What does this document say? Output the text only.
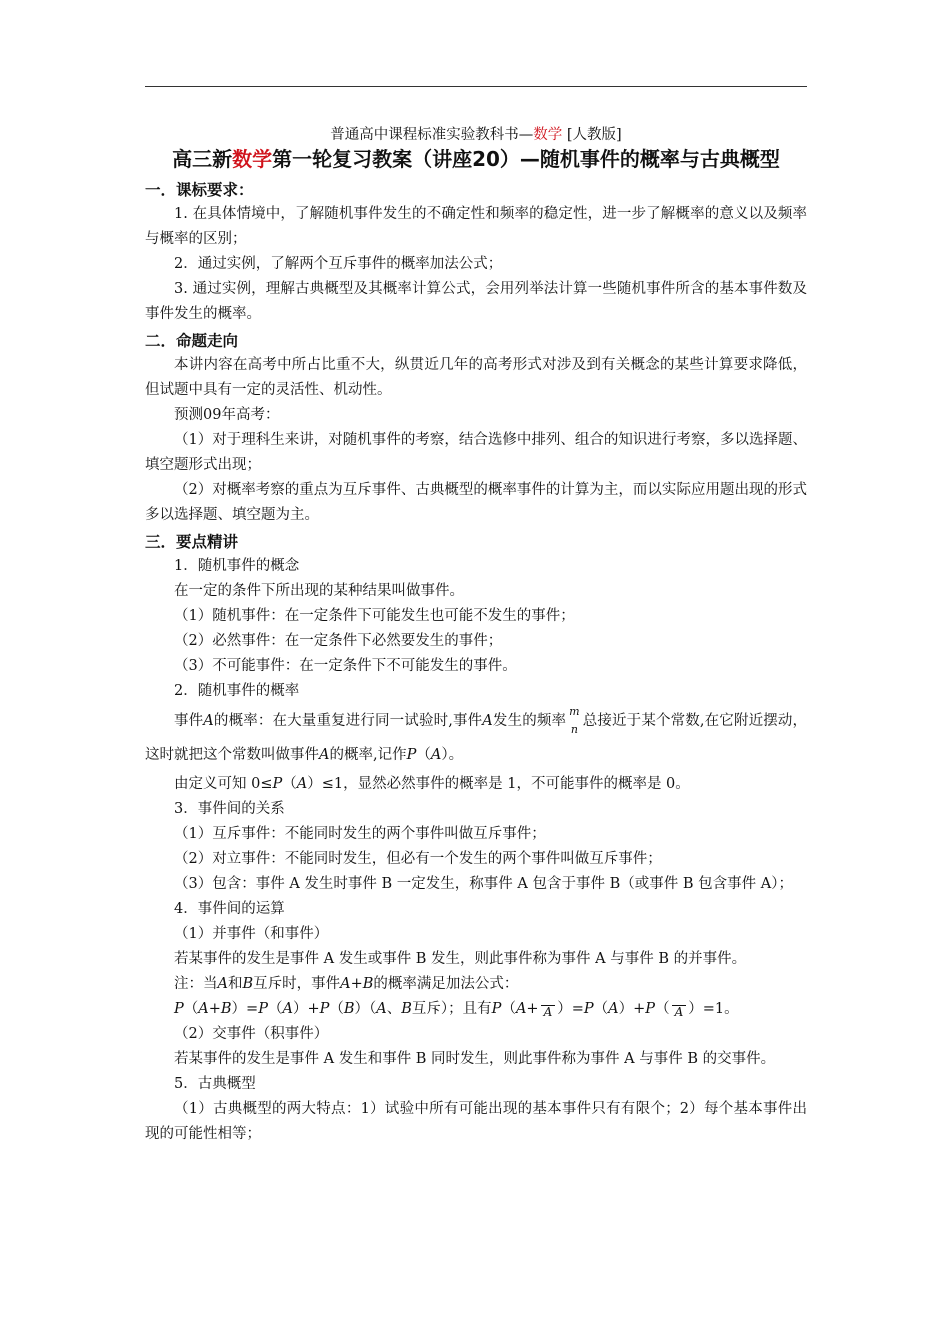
普通高中课程标准实验教科书—数学 [人教版]
高三新数学第一轮复习教案（讲座20）—随机事件的概率与古典概型
一．课标要求：

1. 在具体情境中，了解随机事件发生的不确定性和频率的稳定性，进一步了解概率的意义以及频率与概率的区别；

2．通过实例，了解两个互斥事件的概率加法公式；

3. 通过实例，理解古典概型及其概率计算公式，会用列举法计算一些随机事件所含的基本事件数及事件发生的概率。

二．命题走向

本讲内容在高考中所占比重不大，纵贯近几年的高考形式对涉及到有关概念的某些计算要求降低，但试题中具有一定的灵活性、机动性。

预测09年高考：

（1）对于理科生来讲，对随机事件的考察，结合选修中排列、组合的知识进行考察，多以选择题、填空题形式出现；

（2）对概率考察的重点为互斥事件、古典概型的概率事件的计算为主，而以实际应用题出现的形式多以选择题、填空题为主。

三．要点精讲

1．随机事件的概念

在一定的条件下所出现的某种结果叫做事件。

（1）随机事件：在一定条件下可能发生也可能不发生的事件；

（2）必然事件：在一定条件下必然要发生的事件；

（3）不可能事件：在一定条件下不可能发生的事件。

2．随机事件的概率

事件A的概率：在大量重复进行同一试验时,事件A发生的频率
m
n
总接近于某个常数,在它附近摆动，这时就把这个常数叫做事件A的概率,记作P（A）。

由定义可知 0≤P（A）≤1，显然必然事件的概率是 1，不可能事件的概率是 0。

3．事件间的关系

（1）互斥事件：不能同时发生的两个事件叫做互斥事件；

（2）对立事件：不能同时发生，但必有一个发生的两个事件叫做互斥事件；

（3）包含：事件 A 发生时事件 B 一定发生，称事件 A 包含于事件 B（或事件 B 包含事件 A）；

4．事件间的运算

（1）并事件（和事件）

若某事件的发生是事件 A 发生或事件 B 发生，则此事件称为事件 A 与事件 B 的并事件。

注：当A和B互斥时，事件A+B的概率满足加法公式：

P（A+B）=P（A）+P（B）（A、B互斥）；且有P（A+ A ）=P（A）+P（ A ）=1。

（2）交事件（积事件）

若某事件的发生是事件 A 发生和事件 B 同时发生，则此事件称为事件 A 与事件 B 的交事件。

5．古典概型

（1）古典概型的两大特点：1）试验中所有可能出现的基本事件只有有限个；2）每个基本事件出现的可能性相等；
